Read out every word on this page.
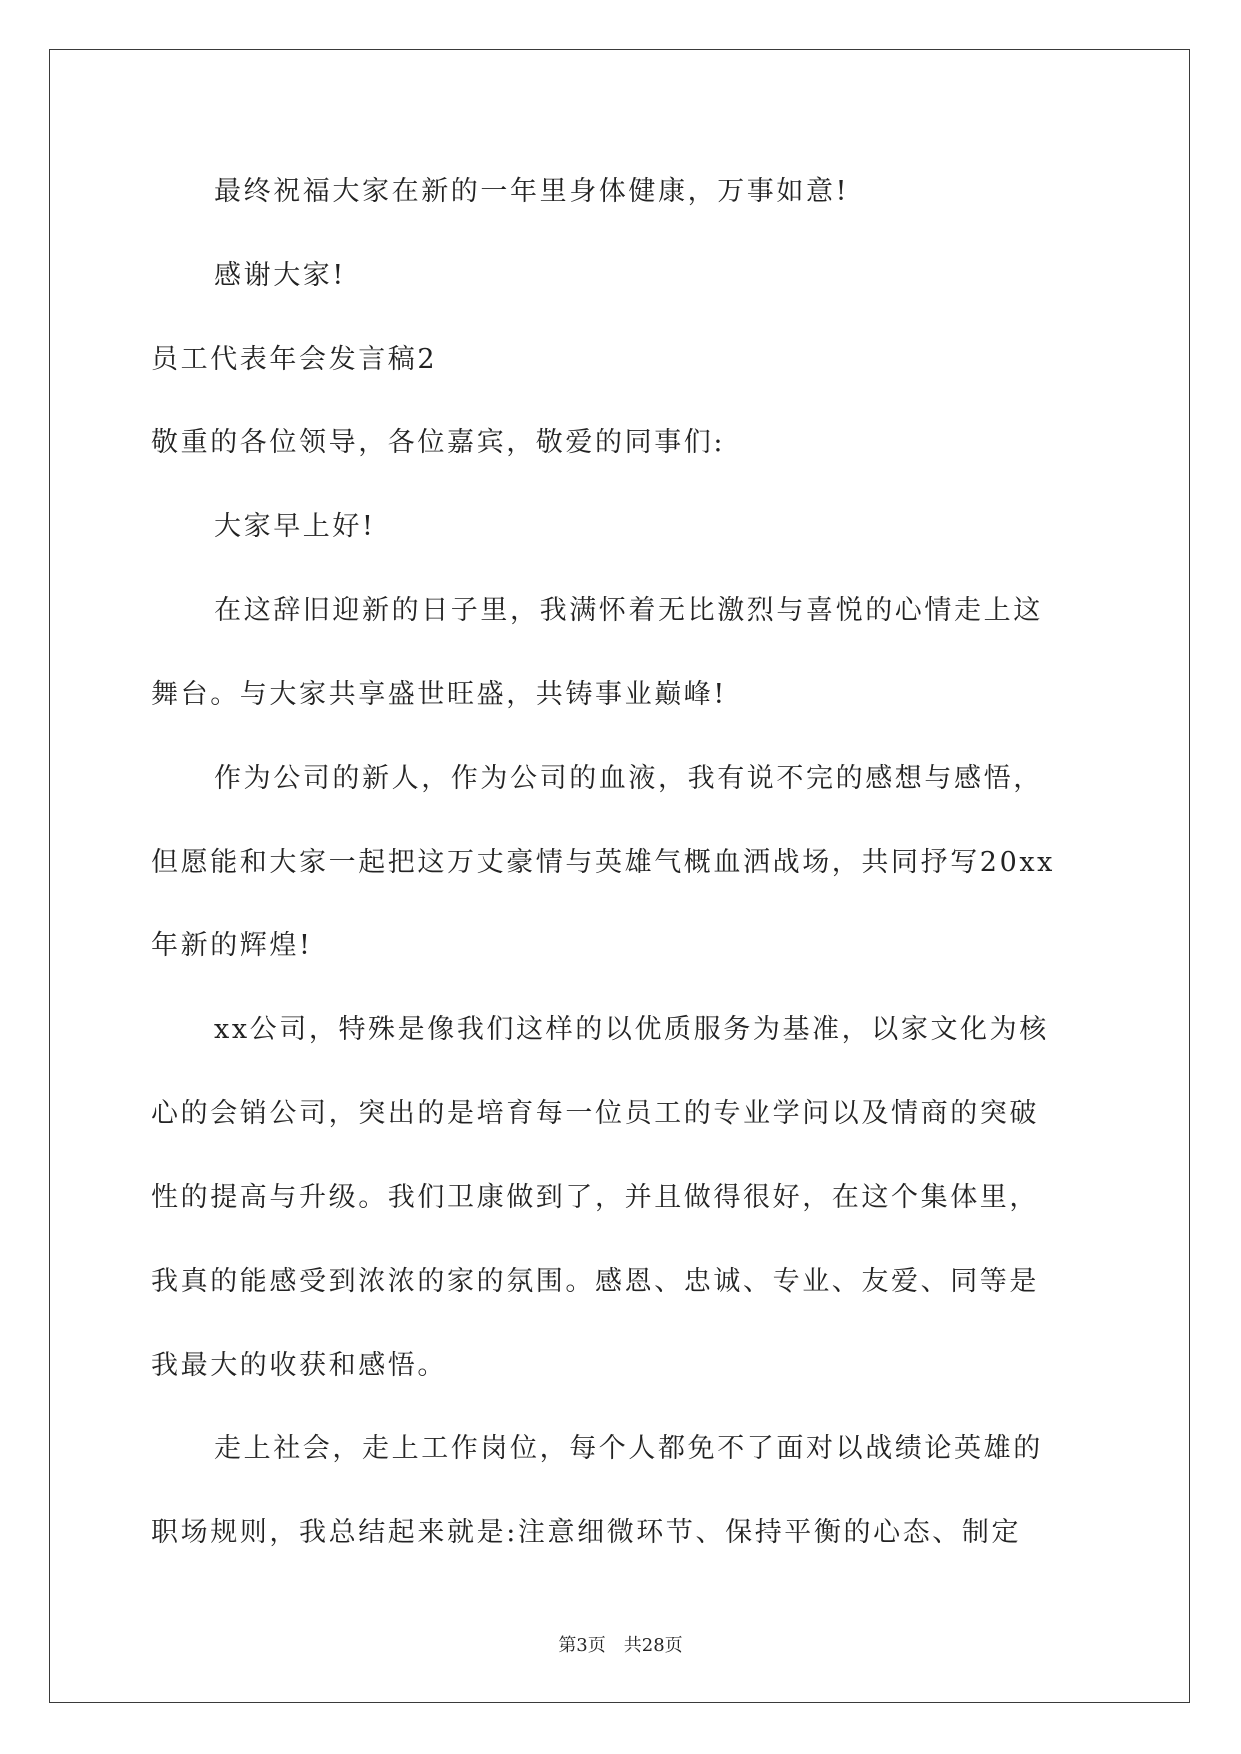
最终祝福大家在新的一年里身体健康，万事如意!
感谢大家!
员工代表年会发言稿2
敬重的各位领导，各位嘉宾，敬爱的同事们:
大家早上好!
在这辞旧迎新的日子里，我满怀着无比激烈与喜悦的心情走上这
舞台。与大家共享盛世旺盛，共铸事业巅峰!
作为公司的新人，作为公司的血液，我有说不完的感想与感悟，
但愿能和大家一起把这万丈豪情与英雄气概血洒战场，共同抒写20xx
年新的辉煌!
xx公司，特殊是像我们这样的以优质服务为基准，以家文化为核
心的会销公司，突出的是培育每一位员工的专业学问以及情商的突破
性的提高与升级。我们卫康做到了，并且做得很好，在这个集体里，
我真的能感受到浓浓的家的氛围。感恩、忠诚、专业、友爱、同等是
我最大的收获和感悟。
走上社会，走上工作岗位，每个人都免不了面对以战绩论英雄的
职场规则，我总结起来就是:注意细微环节、保持平衡的心态、制定
第3页 共28页
